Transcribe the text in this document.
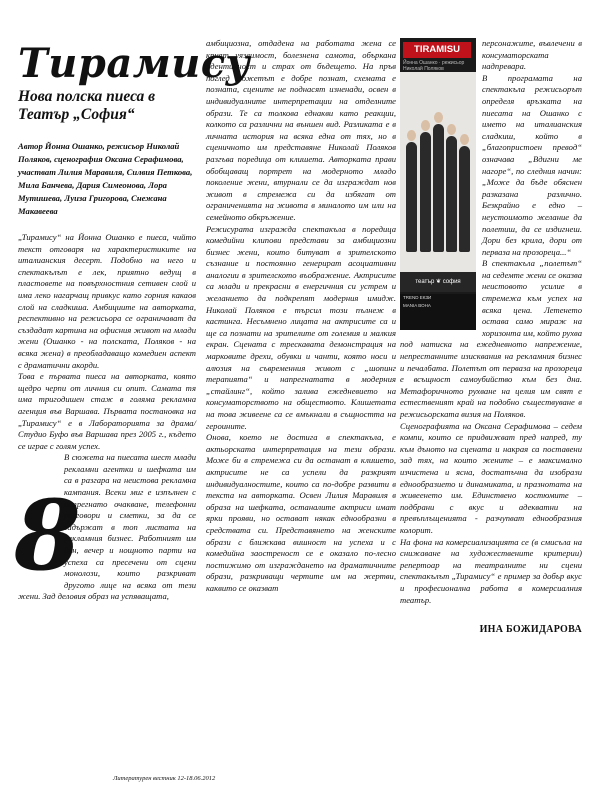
Тирамису
Нова полска пиеса в Театър „София“
Автор Йонна Ошанко, режисьор Николай Поляков, сценография Оксана Серафимова, участват Лилия Маравиля, Силвия Петкова, Мила Банчева, Дария Симеонова, Лора Мутишева, Луиза Григорова, Снежана Макавеева

„Тирамису“ на Йонна Ошанко е пиеса, чийто текст отговаря на характеристиките на италианския десерт. Подобно на него и спектакълът е лек, приятно ведущ в пластовете на повърхностния сетивен слой и има леко нагарчащ привкус като горния какаов слой на сладкиша. Амбициите на авторката, респективно на режисьора се ограничават да създадат картина на офисния живот на млади жени (Ошанко - на полската, Поляков - на всяка жена) в преобладаващо комедиен аспект с драматични акорди.

Това е първата пиеса на авторката, която щедро черпи от личния си опит. Самата тя има тригодишен стаж в голяма рекламна агенция във Варшава. Първата постановка на „Тирамису“ е в Лабораторията за драма/Студио Буфо във Варшава през 2005 г., където се играе с голям успех.

8

В сюжета на пиесата шест млади рекламни агентки и шефката им са в разгара на неистова рекламна кампания. Всеки миг е изпълнен с напрегнато очакване, телефонни разговори и сметки, за да се задържат в топ листата на рекламния бизнес. Работният им ден, вечер и нощното парти на успеха са пресечени от сцени монолози, които разкриват другото лице на всяка от тези жени. Зад деловия образ на успяващата,

Литературен вестник 12-18.06.2012

амбициозна, отдадена на работата жена се крият уязвимост, болезнена самота, объркана идентичност и страх от бъдещето. На пръв поглед сюжетът е добре познат, схемата е позната, сцените не поднасят изненади, освен в индивидуалните интерпретации на отделните образи. Те са толкова еднакви като реакции, колкото са различни на външен вид. Разликата е в личната история на всяка една от тях, но в сценичното им представяне Николай Поляков разгъва поредица от клишета. Авторката прави обобщаващ портрет на модерното младо поколение жени, втурнали се да изграждат нов живот в стремежа си да избягат от ограниченията на живота в миналото им или на семейното обкръжение.

Режисурата изгражда спектакъла в поредица комедийни клипови представи за амбициозни бизнес жени, които битуват в зрителското съзнание и постоянно генерират асоциативни аналогии в зрителското въображение. Актрисите са млади и прекрасни в енергичния си устрем и желанието да подкрепят модерния имидж. Николай Поляков е търсил този пълнеж в кастинга. Несъмнено лицата на актрисите са и ще са познати на зрителите от големия и малкия екран. Сцената с трескавата демонстрация на марковите дрехи, обувки и чанти, която носи и алюзия на съвременния живот с „шопинг терапията“ и напрегнатата в модерния „стайлинг“, който залива ежедневието на консуматорството на обществото. Клишетата на това живеене са се вмъкнали в същността на героините.

Онова, което не достига в спектакъла, е актьорската интерпретация на тези образи. Може би в стремежа си да останат в клишето, актрисите не са успели да разкрият индивидуалностите, които са по-добре развити в текста на авторката. Освен Лилия Маравиля в образа на шефката, останалите актриси имат ярки прояви, но остават някак еднообразни в средствата си. Представянето на женските образи с ближкава вишност на успеха и с комедийна заостреност се е оказало по-лесно постижимо от изграждането на драматичните образи, разкриващи чертите им на жертви, каквито се оказват

TIRAMISU
Йонна Ошанко · режисьор Николай Поляков
театър ❦ софия
TREND ЕКЗИ
MANIA ВОНА

персонажите, въвлечени в консуматорската надпревара.

В програмата на спектакъла режисьорът определя връзката на пиесата на Ошанко с името на италианския сладкиш, който в „благопристоен превод“ означава „Вдигни ме нагоре“, по следния начин: „Може да бъде обяснен разказана различно. Безкрайно е едно – неустоимото желание да полетиш, да се издигнеш. Дори без крила, дори от перваза на прозореца...“

В спектакъла „полетът“ на седемте жени се оказва неистовото усилие в стремежа към успех на всяка цена. Летенето остава само мираж на хоризонта им, който рухва под натиска на ежедневното напрежение, непрестанните изисквания на рекламния бизнес и печалбата. Полетът от перваза на прозореца е всъщност самоубийство към без дна. Метафоричното рухване на целия им свят е естественият край на подобно съществуване в режисьорската визия на Поляков.

Сценографията на Оксана Серафимова – седем компи, които се придвижват пред напред, ту към дъното на сцената и накрая са поставени зад тях, на които жените – е максимално изчистена и ясна, достатъчна да изобрази еднообразието и динамиката, и празнотата на живеенето им. Единствено костюмите – подбрани с вкус и адекватни на превъплъщенията - разчупват еднообразния колорит.

На фона на комерсиализацията се (в смисъла на снижаване на художествените критерии) репертоар на театралните ни сцени спектакълът „Тирамису“ е пример за добър вкус и професионална работа в комерсиалния театър.

ИНА БОЖИДАРОВА
